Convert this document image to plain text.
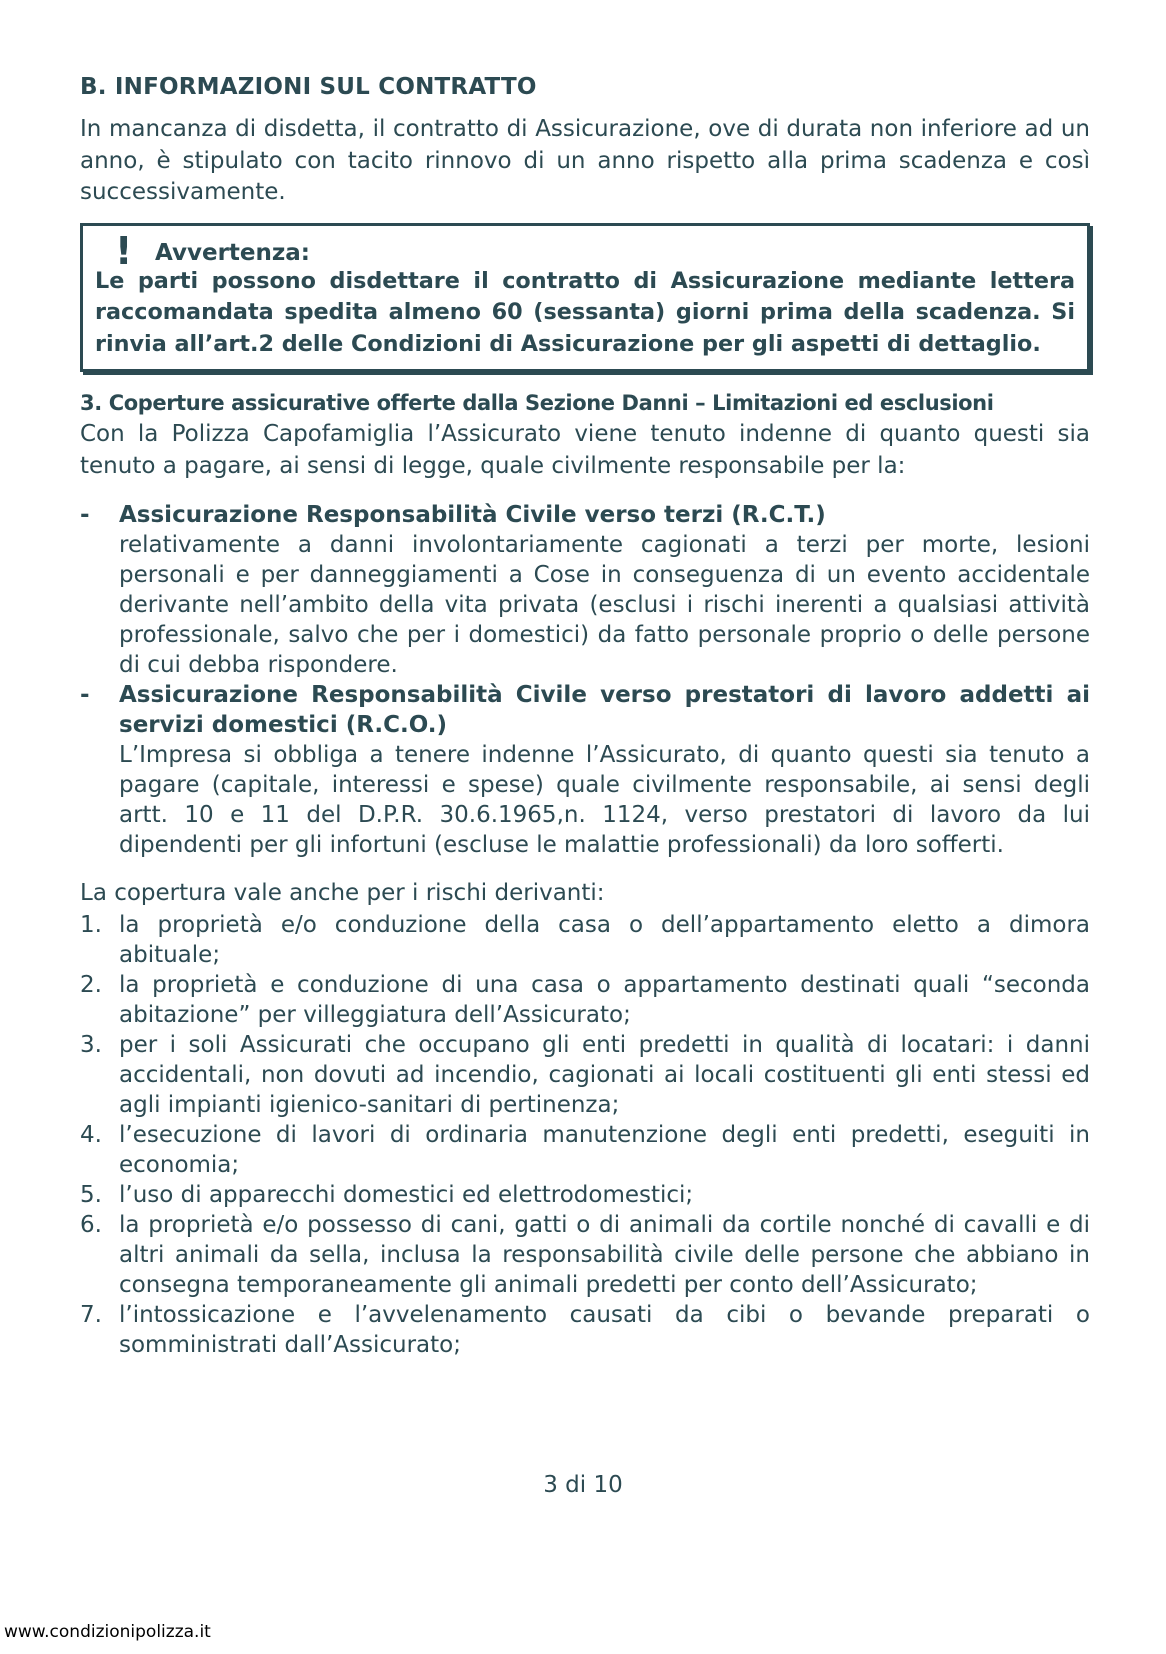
B. INFORMAZIONI SUL CONTRATTO

In mancanza di disdetta, il contratto di Assicurazione, ove di durata non inferiore ad un anno, è stipulato con tacito rinnovo di un anno rispetto alla prima scadenza e così successivamente.

! Avvertenza:
Le parti possono disdettare il contratto di Assicurazione mediante lettera raccomandata spedita almeno 60 (sessanta) giorni prima della scadenza. Si rinvia all’art.2 delle Condizioni di Assicurazione per gli aspetti di dettaglio.
3. Coperture assicurative offerte dalla Sezione Danni – Limitazioni ed esclusioni

Con la Polizza Capofamiglia l’Assicurato viene tenuto indenne di quanto questi sia tenuto a pagare, ai sensi di legge, quale civilmente responsabile per la:

- Assicurazione Responsabilità Civile verso terzi (R.C.T.)
relativamente a danni involontariamente cagionati a terzi per morte, lesioni personali e per danneggiamenti a Cose in conseguenza di un evento accidentale derivante nell’ambito della vita privata (esclusi i rischi inerenti a qualsiasi attività professionale, salvo che per i domestici) da fatto personale proprio o delle persone di cui debba rispondere.
- Assicurazione Responsabilità Civile verso prestatori di lavoro addetti ai servizi domestici (R.C.O.)
L’Impresa si obbliga a tenere indenne l’Assicurato, di quanto questi sia tenuto a pagare (capitale, interessi e spese) quale civilmente responsabile, ai sensi degli artt. 10 e 11 del D.P.R. 30.6.1965,n. 1124, verso prestatori di lavoro da lui dipendenti per gli infortuni (escluse le malattie professionali) da loro sofferti.

La copertura vale anche per i rischi derivanti:

1. la proprietà e/o conduzione della casa o dell’appartamento eletto a dimora abituale;
2. la proprietà e conduzione di una casa o appartamento destinati quali “seconda abitazione” per villeggiatura dell’Assicurato;
3. per i soli Assicurati che occupano gli enti predetti in qualità di locatari: i danni accidentali, non dovuti ad incendio, cagionati ai locali costituenti gli enti stessi ed agli impianti igienico-sanitari di pertinenza;
4. l’esecuzione di lavori di ordinaria manutenzione degli enti predetti, eseguiti in economia;
5. l’uso di apparecchi domestici ed elettrodomestici;
6. la proprietà e/o possesso di cani, gatti o di animali da cortile nonché di cavalli e di altri animali da sella, inclusa la responsabilità civile delle persone che abbiano in consegna temporaneamente gli animali predetti per conto dell’Assicurato;
7. l’intossicazione e l’avvelenamento causati da cibi o bevande preparati o somministrati dall’Assicurato;
3 di 10
www.condizionipolizza.it
